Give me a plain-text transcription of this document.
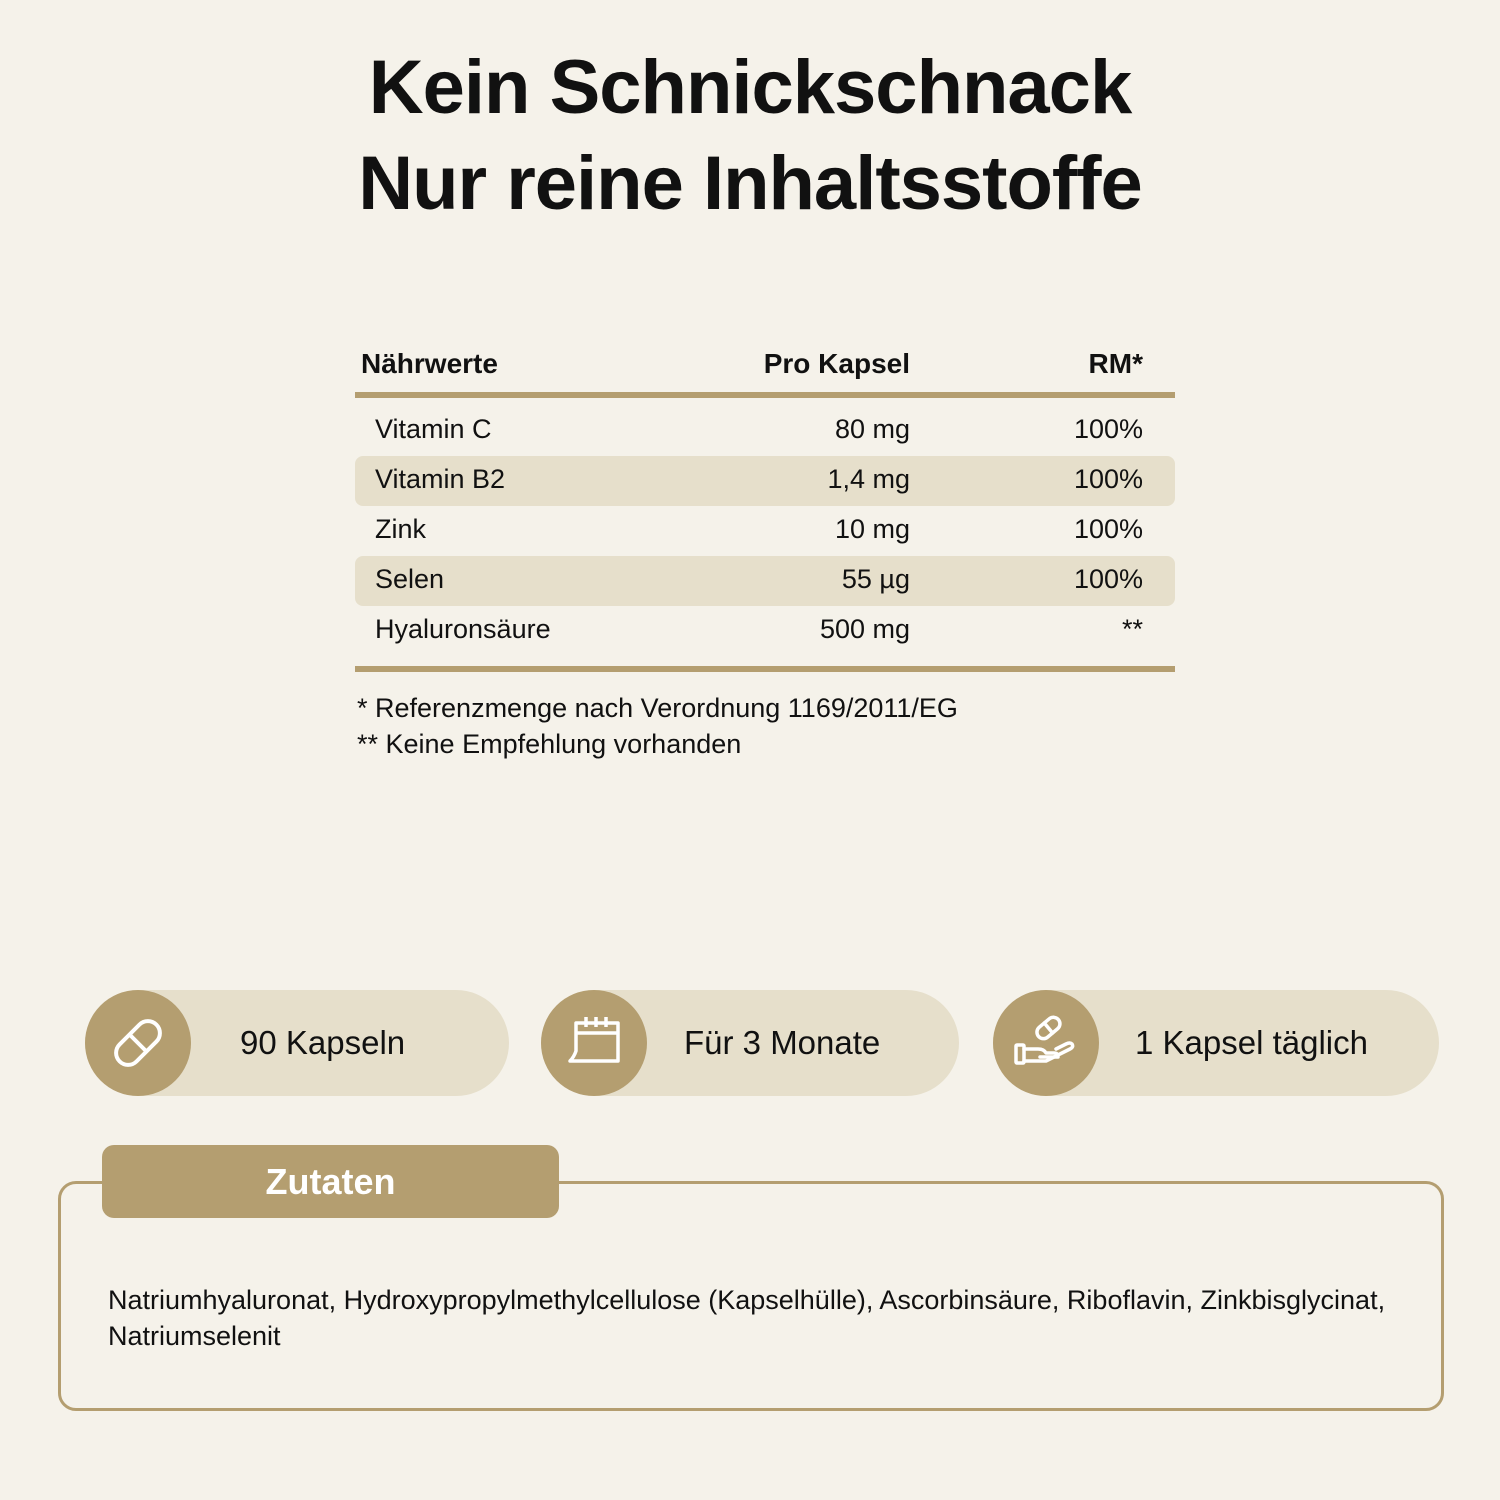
Kein Schnickschnack
Nur reine Inhaltsstoffe
Nährwerte	Pro Kapsel	RM*
Vitamin C	80 mg	100%
Vitamin B2	1,4 mg	100%
Zink	10 mg	100%
Selen	55 µg	100%
Hyaluronsäure	500 mg	**
* Referenzmenge nach Verordnung 1169/2011/EG
** Keine Empfehlung vorhanden
90 Kapseln	Für 3 Monate	1 Kapsel täglich
Zutaten
Natriumhyaluronat, Hydroxypropylmethylcellulose (Kapselhülle), Ascorbinsäure, Riboflavin, Zinkbisglycinat, Natriumselenit
